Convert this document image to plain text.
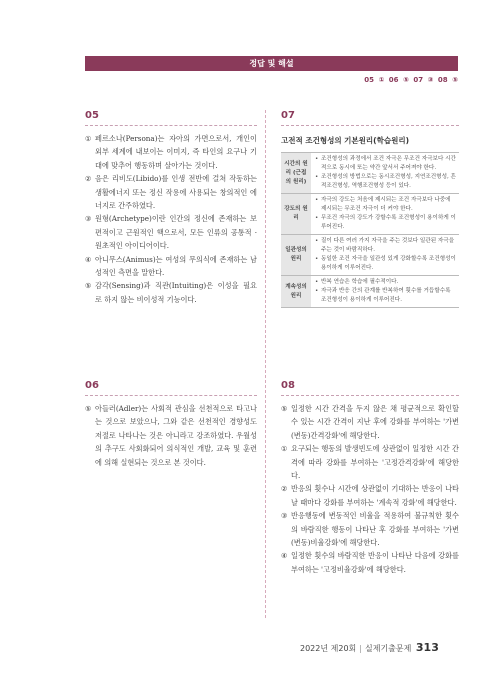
정답 및 해설
05 ① 06 ⑤ 07 ③ 08 ⑤
05
① 페르소나(Persona)는 자아의 가면으로서, 개인이 외부 세계에 내보이는 이미지, 즉 타인의 요구나 기대에 맞추어 행동하며 살아가는 것이다.
② 음은 리비도(Libido)를 인생 전반에 걸쳐 작동하는 생활에너지 또는 정신 작용에 사용되는 창의적인 에너지로 간주하였다.
③ 원형(Archetype)이란 인간의 정신에 존재하는 보편적이고 근원적인 핵으로서, 모든 인류의 공통적 · 원초적인 아이디어이다.
④ 아니무스(Animus)는 여성의 무의식에 존재하는 남성적인 측면을 말한다.
⑤ 감각(Sensing)과 직관(Intuiting)은 이성을 필요로 하지 않는 비이성적 기능이다.
07
고전적 조건형성의 기본원리(학습원리)
시간의 원리 (근접의 원리)	• 조건형성의 과정에서 조건 자극은 무조건 자극보다 시간적으로 동시에 또는 약간 앞서서 주어져야 한다.
• 조건형성의 방법으로는 동시조건형성, 지연조건형성, 흔적조건형성, 역행조건형성 등이 있다.

강도의 원리	• 자극의 강도는 처음에 제시되는 조건 자극보다 나중에 제시되는 무조건 자극이 더 커야 한다.
• 무조건 자극의 강도가 강할수록 조건형성이 용이하게 이루어진다.

일관성의 원리	• 질이 다른 여러 가지 자극을 주는 것보다 일관된 자극을 주는 것이 바람직하다.
• 동일한 조건 자극을 일관성 있게 강화할수록 조건형성이 용이하게 이루어진다.

계속성의 원리	• 반복 연습은 학습에 필수적이다.
• 자극과 반응 간의 관계를 반복하여 횟수를 거듭할수록 조건형성이 용이하게 이루어진다.
06
⑤ 아들러(Adler)는 사회적 관심을 선천적으로 타고나는 것으로 보았으나, 그와 같은 선천적인 경향성도 저절로 나타나는 것은 아니라고 강조하였다. 우월성의 추구도 사회화되어 의식적인 개발, 교육 및 훈련에 의해 실현되는 것으로 본 것이다.
08
⑤ 일정한 시간 간격을 두지 않은 채 평균적으로 확인할 수 있는 시간 간격이 지난 후에 강화를 부여하는 '가변(변동)간격강화'에 해당한다.
① 요구되는 행동의 발생빈도에 상관없이 일정한 시간 간격에 따라 강화를 부여하는 '고정간격강화'에 해당한다.
② 반응의 횟수나 시간에 상관없이 기대하는 반응이 나타날 때마다 강화를 부여하는 '계속적 강화'에 해당한다.
③ 반응행동에 변동적인 비율을 적용하여 불규칙한 횟수의 바람직한 행동이 나타난 후 강화를 부여하는 '가변(변동)비율강화'에 해당한다.
④ 일정한 횟수의 바람직한 반응이 나타난 다음에 강화를 부여하는 '고정비율강화'에 해당한다.
2022년 제20회 | 실제기출문제 313
